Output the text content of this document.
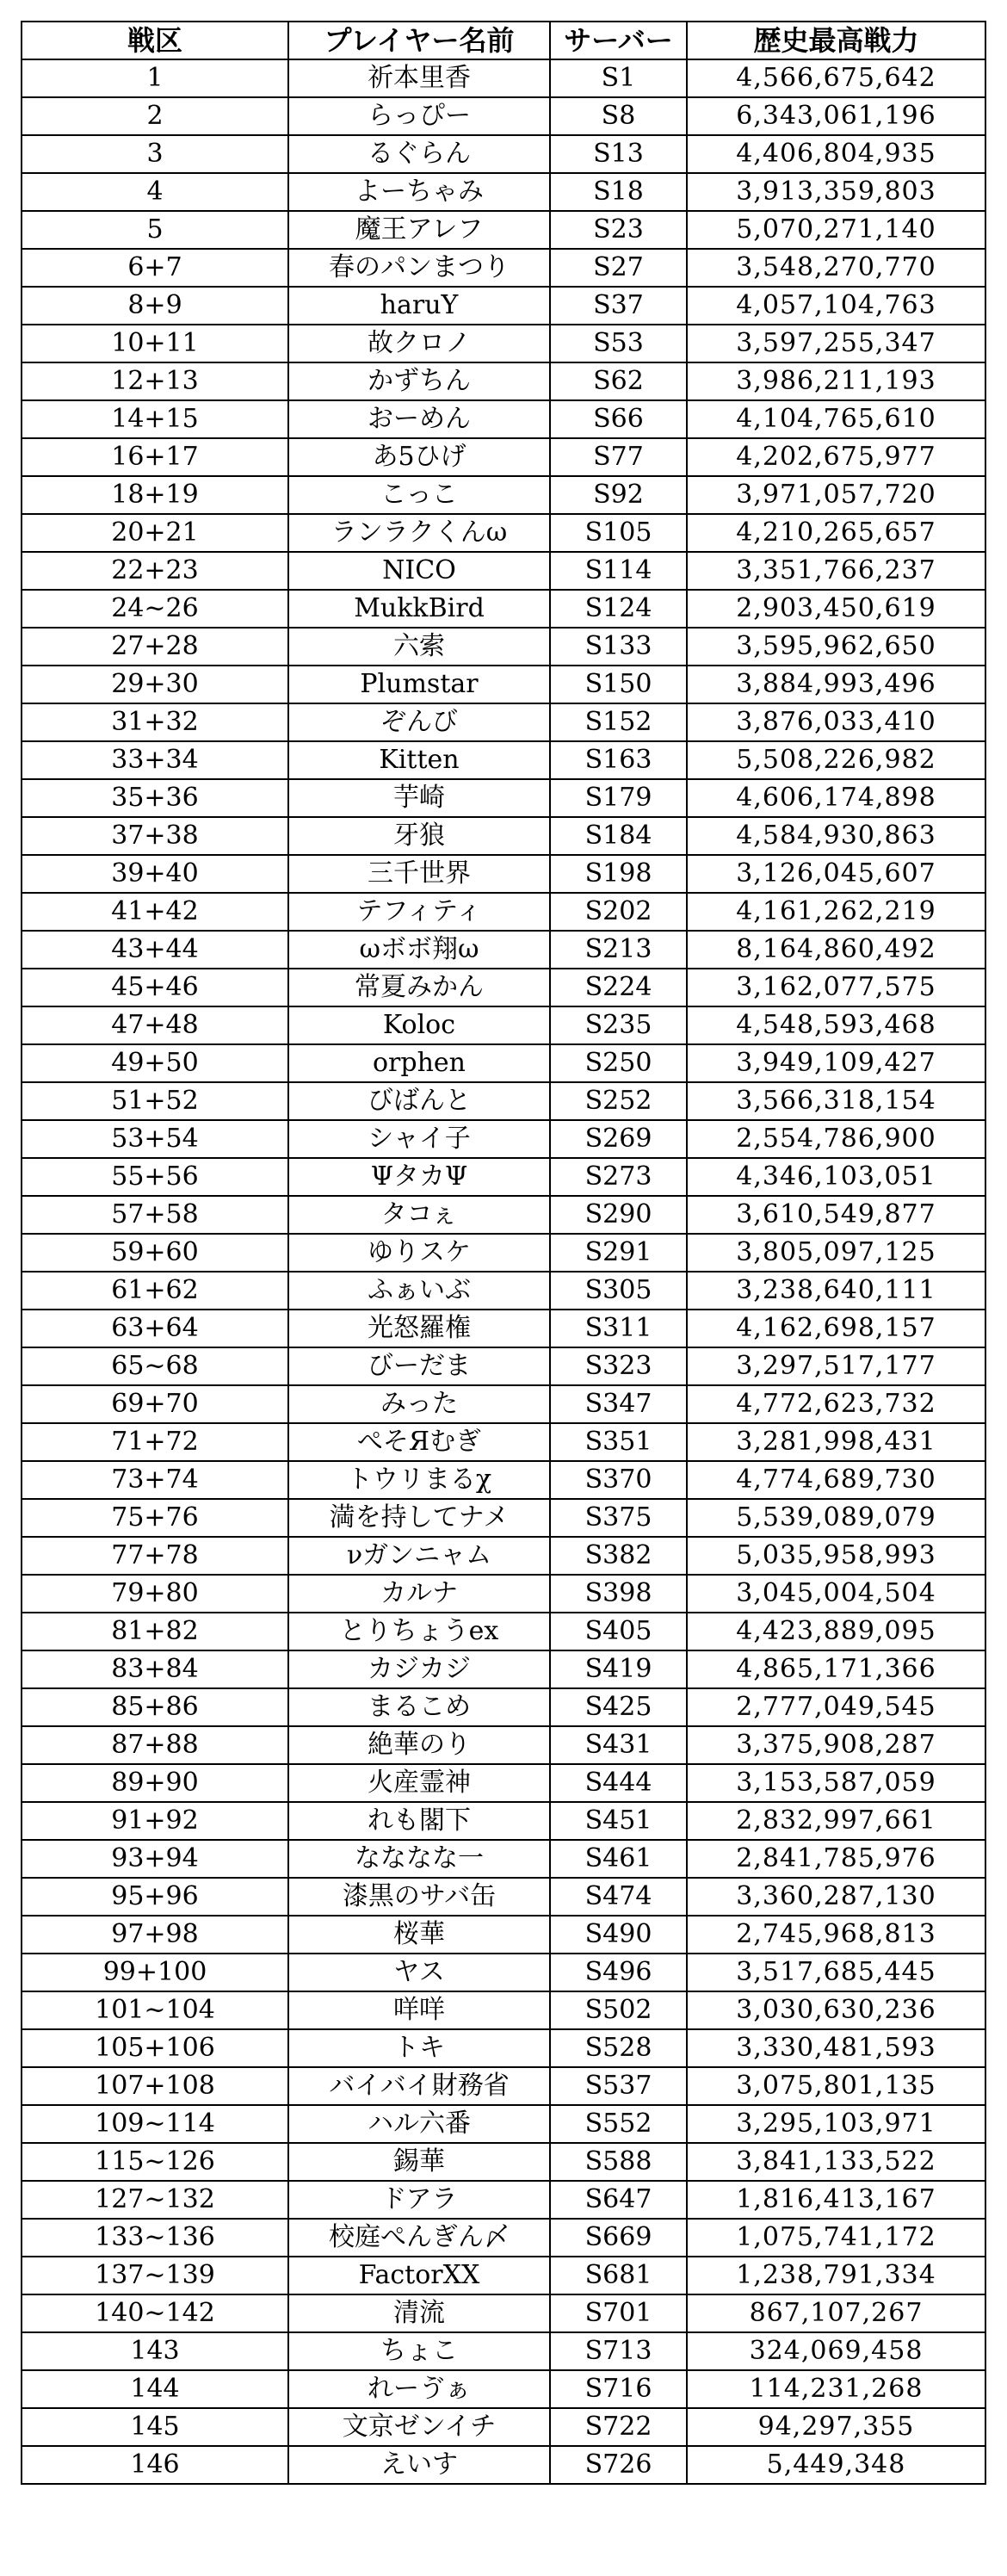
戦区	プレイヤー名前	サーバー	歴史最高戦力
1	祈本里香	S1	4,566,675,642
2	らっぴー	S8	6,343,061,196
3	るぐらん	S13	4,406,804,935
4	よーちゃみ	S18	3,913,359,803
5	魔王アレフ	S23	5,070,271,140
6+7	春のパンまつり	S27	3,548,270,770
8+9	haruY	S37	4,057,104,763
10+11	故クロノ	S53	3,597,255,347
12+13	かずちん	S62	3,986,211,193
14+15	おーめん	S66	4,104,765,610
16+17	あ5ひげ	S77	4,202,675,977
18+19	こっこ	S92	3,971,057,720
20+21	ランラクくんω	S105	4,210,265,657
22+23	NICO	S114	3,351,766,237
24~26	MukkBird	S124	2,903,450,619
27+28	六索	S133	3,595,962,650
29+30	Plumstar	S150	3,884,993,496
31+32	ぞんび	S152	3,876,033,410
33+34	Kitten	S163	5,508,226,982
35+36	芋崎	S179	4,606,174,898
37+38	牙狼	S184	4,584,930,863
39+40	三千世界	S198	3,126,045,607
41+42	テフィティ	S202	4,161,262,219
43+44	ωボボ翔ω	S213	8,164,860,492
45+46	常夏みかん	S224	3,162,077,575
47+48	Koloc	S235	4,548,593,468
49+50	orphen	S250	3,949,109,427
51+52	びばんと	S252	3,566,318,154
53+54	シャイ子	S269	2,554,786,900
55+56	ΨタカΨ	S273	4,346,103,051
57+58	タコぇ	S290	3,610,549,877
59+60	ゆりスケ	S291	3,805,097,125
61+62	ふぁいぶ	S305	3,238,640,111
63+64	光怒羅権	S311	4,162,698,157
65~68	びーだま	S323	3,297,517,177
69+70	みった	S347	4,772,623,732
71+72	ぺそЯむぎ	S351	3,281,998,431
73+74	トウリまるχ	S370	4,774,689,730
75+76	満を持してナメ	S375	5,539,089,079
77+78	νガンニャム	S382	5,035,958,993
79+80	カルナ	S398	3,045,004,504
81+82	とりちょうex	S405	4,423,889,095
83+84	カジカジ	S419	4,865,171,366
85+86	まるこめ	S425	2,777,049,545
87+88	絶華のり	S431	3,375,908,287
89+90	火産霊神	S444	3,153,587,059
91+92	れも閣下	S451	2,832,997,661
93+94	なななな一	S461	2,841,785,976
95+96	漆黒のサバ缶	S474	3,360,287,130
97+98	桜華	S490	2,745,968,813
99+100	ヤス	S496	3,517,685,445
101~104	咩咩	S502	3,030,630,236
105+106	トキ	S528	3,330,481,593
107+108	バイバイ財務省	S537	3,075,801,135
109~114	ハル六番	S552	3,295,103,971
115~126	錫華	S588	3,841,133,522
127~132	ドアラ	S647	1,816,413,167
133~136	校庭ぺんぎん〆	S669	1,075,741,172
137~139	FactorXX	S681	1,238,791,334
140~142	清流	S701	867,107,267
143	ちょこ	S713	324,069,458
144	れーゔぁ	S716	114,231,268
145	文京ゼンイチ	S722	94,297,355
146	えいす	S726	5,449,348
